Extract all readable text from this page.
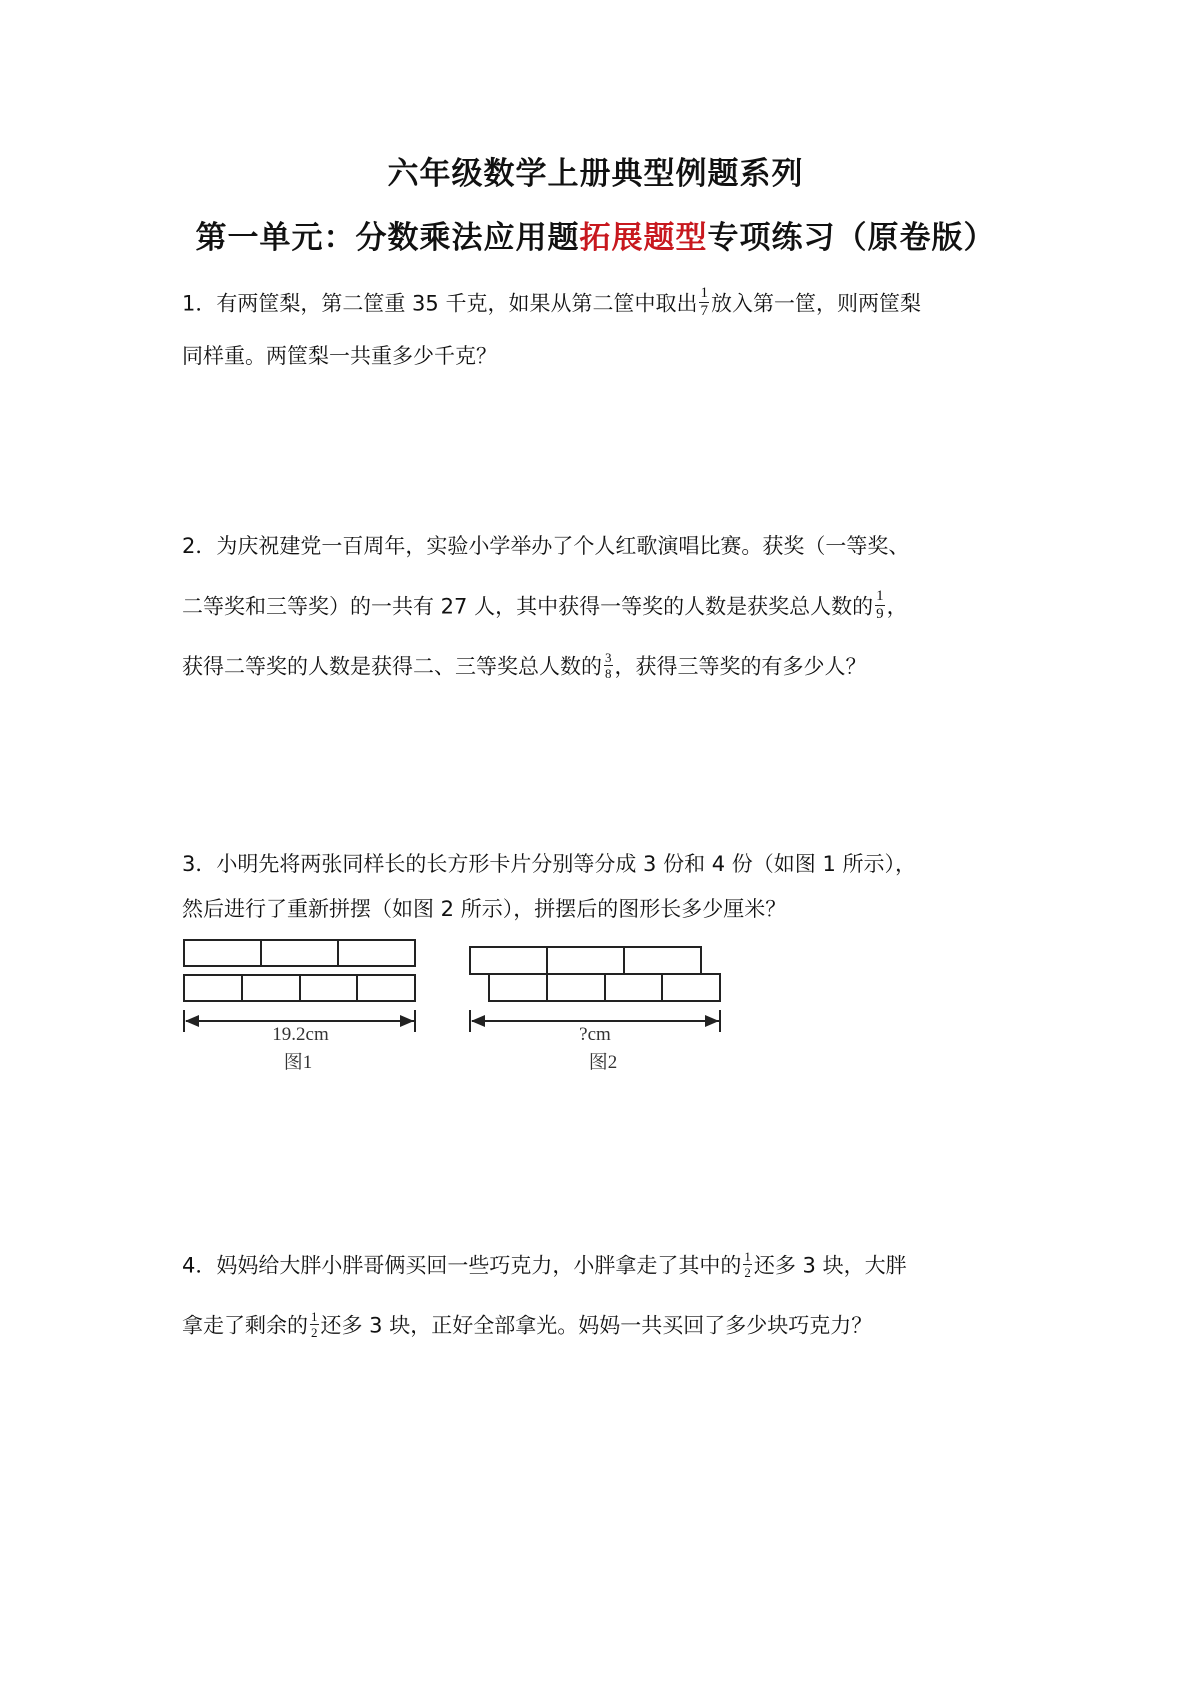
六年级数学上册典型例题系列
第一单元：分数乘法应用题拓展题型专项练习（原卷版）
1．有两筐梨，第二筐重 35 千克，如果从第二筐中取出 $\frac{1}{7}$ 放入第一筐，则两筐梨
同样重。两筐梨一共重多少千克？
2．为庆祝建党一百周年，实验小学举办了个人红歌演唱比赛。获奖（一等奖、
二等奖和三等奖）的一共有 27 人，其中获得一等奖的人数是获奖总人数的 $\frac{1}{9}$ ，
获得二等奖的人数是获得二、三等奖总人数的 $\frac{3}{8}$ ，获得三等奖的有多少人？
3．小明先将两张同样长的长方形卡片分别等分成 3 份和 4 份（如图 1 所示），
然后进行了重新拼摆（如图 2 所示），拼摆后的图形长多少厘米？
19.2cm
图1
?cm
图2
4．妈妈给大胖小胖哥俩买回一些巧克力，小胖拿走了其中的 $\frac{1}{2}$ 还多 3 块，大胖
拿走了剩余的 $\frac{1}{2}$ 还多 3 块，正好全部拿光。妈妈一共买回了多少块巧克力？
